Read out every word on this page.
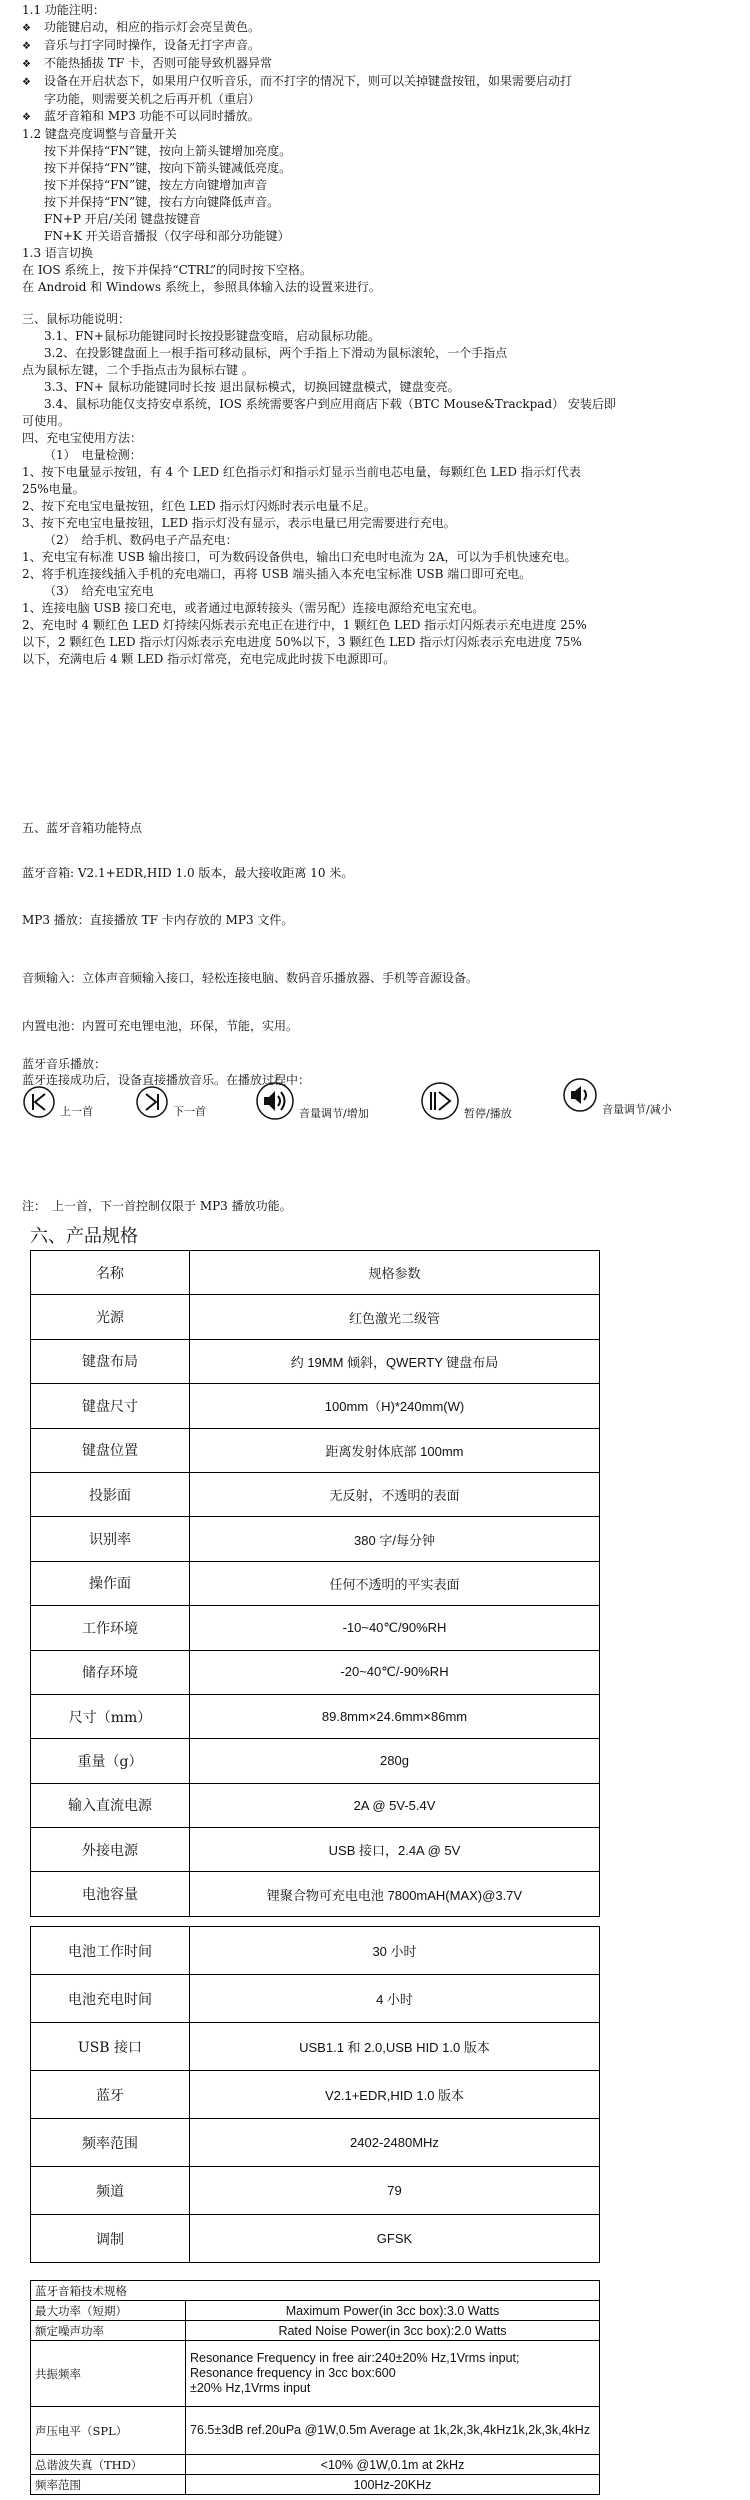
1.1 功能注明：

❖ 功能键启动，相应的指示灯会亮呈黄色。

❖ 音乐与打字同时操作，设备无打字声音。

❖ 不能热插拔 TF 卡，否则可能导致机器异常

❖ 设备在开启状态下，如果用户仅听音乐，而不打字的情况下，则可以关掉键盘按钮，如果需要启动打

字功能，则需要关机之后再开机（重启）

❖ 蓝牙音箱和 MP3 功能不可以同时播放。

1.2 键盘亮度调整与音量开关

按下并保持“FN”键，按向上箭头键增加亮度。

按下并保持“FN”键，按向下箭头键减低亮度。

按下并保持“FN”键，按左方向键增加声音

按下并保持“FN”键，按右方向键降低声音。

FN+P 开启/关闭 键盘按键音

FN+K 开关语音播报（仅字母和部分功能键）

1.3 语言切换

在 IOS 系统上，按下并保持“CTRL”的同时按下空格。

在 Android 和 Windows 系统上，参照具体输入法的设置来进行。

三、鼠标功能说明：

3.1、FN+鼠标功能键同时长按投影键盘变暗，启动鼠标功能。

3.2、在投影键盘面上一根手指可移动鼠标，两个手指上下滑动为鼠标滚轮，一个手指点

点为鼠标左键，二个手指点击为鼠标右键 。

3.3、FN+ 鼠标功能键同时长按 退出鼠标模式，切换回键盘模式，键盘变亮。

3.4、鼠标功能仅支持安卓系统，IOS 系统需要客户到应用商店下载（BTC Mouse&Trackpad） 安装后即

可使用。

四、充电宝使用方法：

（1）　电量检测：

1、按下电量显示按钮，有 4 个 LED 红色指示灯和指示灯显示当前电芯电量，每颗红色 LED 指示灯代表

25%电量。

2、按下充电宝电量按钮，红色 LED 指示灯闪烁时表示电量不足。

3、按下充电宝电量按钮，LED 指示灯没有显示，表示电量已用完需要进行充电。

（2）　给手机、数码电子产品充电：

1、充电宝有标准 USB 输出接口，可为数码设备供电，输出口充电时电流为 2A，可以为手机快速充电。

2、将手机连接线插入手机的充电端口，再将 USB 端头插入本充电宝标准 USB 端口即可充电。

（3）　给充电宝充电

1、连接电脑 USB 接口充电，或者通过电源转接头（需另配）连接电源给充电宝充电。

2、充电时 4 颗红色 LED 灯持续闪烁表示充电正在进行中，1 颗红色 LED 指示灯闪烁表示充电进度 25%

以下，2 颗红色 LED 指示灯闪烁表示充电进度 50%以下，3 颗红色 LED 指示灯闪烁表示充电进度 75%

以下，充满电后 4 颗 LED 指示灯常亮，充电完成此时拔下电源即可。

五、蓝牙音箱功能特点

蓝牙音箱: V2.1+EDR,HID 1.0 版本，最大接收距离 10 米。

MP3 播放：直接播放 TF 卡内存放的 MP3 文件。

音频输入：立体声音频输入接口，轻松连接电脑、数码音乐播放器、手机等音源设备。

内置电池：内置可充电锂电池，环保，节能，实用。

蓝牙音乐播放：

蓝牙连接成功后，设备直接播放音乐。在播放过程中：

上一首	下一首	音量调节/增加	暂停/播放	音量调节/减小

注：　上一首，下一首控制仅限于 MP3 播放功能。

六、产品规格

名称	规格参数
光源	红色激光二级管
键盘布局	约 19MM 倾斜，QWERTY 键盘布局
键盘尺寸	100mm（H)*240mm(W)
键盘位置	距离发射体底部 100mm
投影面	无反射，不透明的表面
识别率	380 字/每分钟
操作面	任何不透明的平实表面
工作环境	-10~40℃/90%RH
储存环境	-20~40℃/-90%RH
尺寸（mm）	89.8mm×24.6mm×86mm
重量（g）	280g
输入直流电源	2A @ 5V-5.4V
外接电源	USB 接口，2.4A @ 5V
电池容量	锂聚合物可充电电池 7800mAH(MAX)@3.7V
电池工作时间	30 小时
电池充电时间	4 小时
USB 接口	USB1.1 和 2.0,USB HID 1.0 版本
蓝牙	V2.1+EDR,HID 1.0 版本
频率范围	2402-2480MHz
频道	79
调制	GFSK
蓝牙音箱技术规格	
最大功率（短期）	Maximum Power(in 3cc box):3.0 Watts
额定噪声功率	Rated Noise Power(in 3cc box):2.0 Watts
共振频率	Resonance Frequency in free air:240±20% Hz,1Vrms input;
Resonance frequency in 3cc box:600
±20% Hz,1Vrms input
声压电平（SPL）	76.5±3dB ref.20uPa @1W,0.5m Average at 1k,2k,3k,4kHz1k,2k,3k,4kHz
总谐波失真（THD）	<10% @1W,0.1m at 2kHz
频率范围	100Hz-20KHz
